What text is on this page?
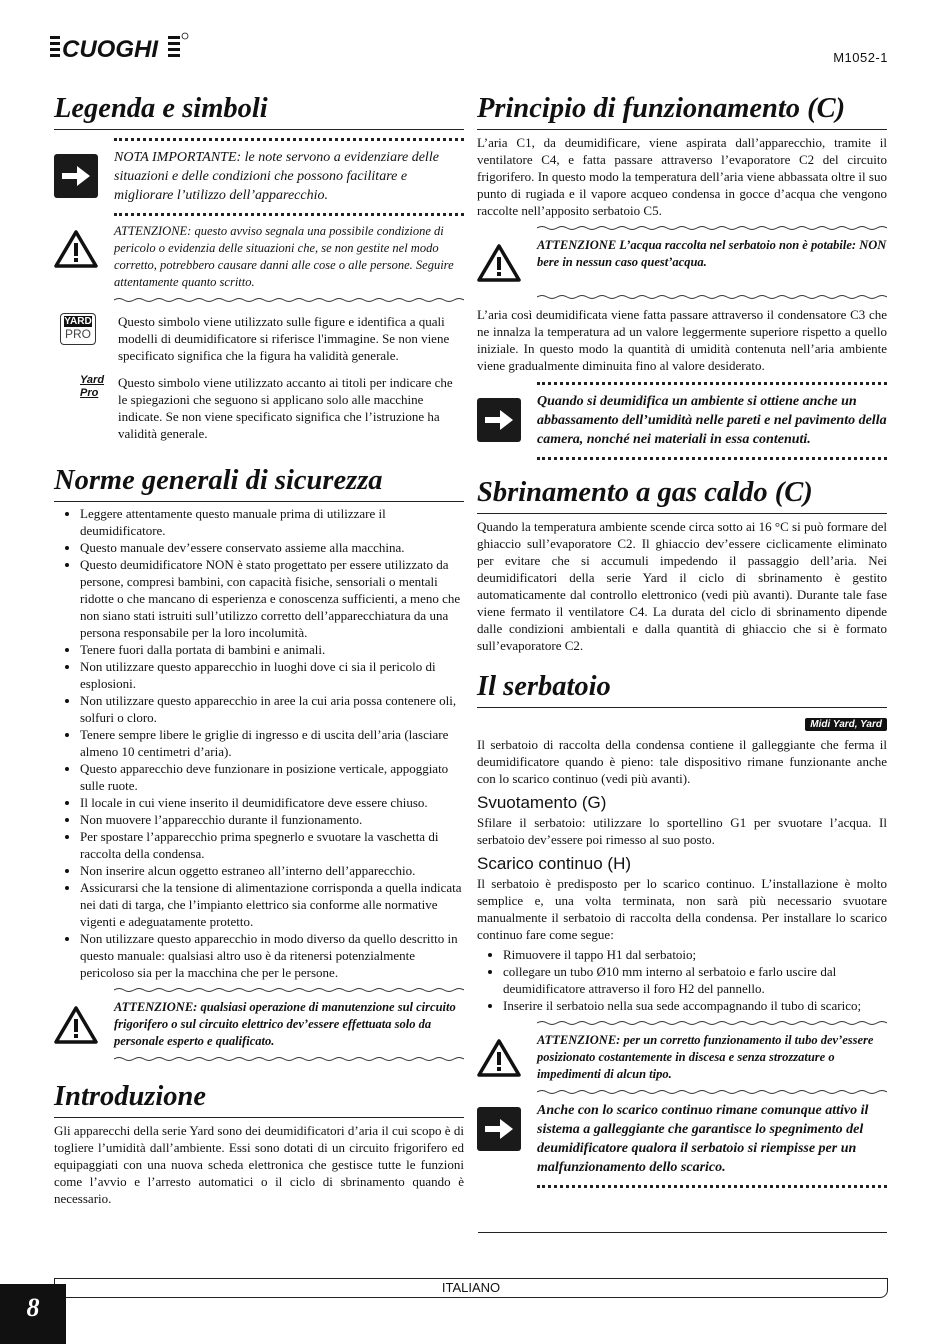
CUOGHI	M1052-1
Legenda e simboli
NOTA IMPORTANTE: le note servono a evidenziare delle situazioni e delle condizioni che possono facilitare e migliorare l’utilizzo dell’apparecchio.
ATTENZIONE: questo avviso segnala una possibile condizione di pericolo o evidenzia delle situazioni che, se non gestite nel modo corretto, potrebbero causare danni alle cose o alle persone. Seguire attentamente quanto scritto.
YARD
PRO
Questo simbolo viene utilizzato sulle figure e identifica a quali modelli di deumidificatore si riferisce l'immagine. Se non viene specificato significa che la figura ha validità generale.
Yard
Pro
Questo simbolo viene utilizzato accanto ai titoli per indicare che le spiegazioni che seguono si applicano solo alle macchine indicate. Se non viene specificato significa che l’istruzione ha validità generale.
Norme generali di sicurezza
• Leggere attentamente questo manuale prima di utilizzare il deumidificatore.
• Questo manuale dev’essere conservato assieme alla macchina.
• Questo deumidificatore NON è stato progettato per essere utilizzato da persone, compresi bambini, con capacità fisiche, sensoriali o mentali ridotte o che mancano di esperienza e conoscenza sufficienti, a meno che non siano stati istruiti sull’utilizzo corretto dell’apparecchiatura da una persona responsabile per la loro incolumità.
• Tenere fuori dalla portata di bambini e animali.
• Non utilizzare questo apparecchio in luoghi dove ci sia il pericolo di esplosioni.
• Non utilizzare questo apparecchio in aree la cui aria possa contenere oli, solfuri o cloro.
• Tenere sempre libere le griglie di ingresso e di uscita dell’aria (lasciare almeno 10 centimetri d’aria).
• Questo apparecchio deve funzionare in posizione verticale, appoggiato sulle ruote.
• Il locale in cui viene inserito il deumidificatore deve essere chiuso.
• Non muovere l’apparecchio durante il funzionamento.
• Per spostare l’apparecchio prima spegnerlo e svuotare la vaschetta di raccolta della condensa.
• Non inserire alcun oggetto estraneo all’interno dell’apparecchio.
• Assicurarsi che la tensione di alimentazione corrisponda a quella indicata nei dati di targa, che l’impianto elettrico sia conforme alle normative vigenti e adeguatamente protetto.
• Non utilizzare questo apparecchio in modo diverso da quello descritto in questo manuale: qualsiasi altro uso è da ritenersi potenzialmente pericoloso sia per la macchina che per le persone.
ATTENZIONE: qualsiasi operazione di manutenzione sul circuito frigorifero o sul circuito elettrico dev’essere effettuata solo da personale esperto e qualificato.
Introduzione

Gli apparecchi della serie Yard sono dei deumidificatori d’aria il cui scopo è di togliere l’umidità dall’ambiente. Essi sono dotati di un circuito frigorifero ed equipaggiati con una nuova scheda elettronica che gestisce tutte le funzioni come l’avvio e l’arresto automatici o il ciclo di sbrinamento quando è necessario.

Principio di funzionamento (C)

L’aria C1, da deumidificare, viene aspirata dall’apparecchio, tramite il ventilatore C4, e fatta passare attraverso l’evaporatore C2 del circuito frigorifero. In questo modo la temperatura dell’aria viene abbassata oltre il suo punto di rugiada e il vapore acqueo condensa in gocce d’acqua che vengono raccolte nell’apposito serbatoio C5.

ATTENZIONE L’acqua raccolta nel serbatoio non è potabile: NON bere in nessun caso quest’acqua.

L’aria così deumidificata viene fatta passare attraverso il condensatore C3 che ne innalza la temperatura ad un valore leggermente superiore rispetto a quello iniziale. In questo modo la quantità di umidità contenuta nell’aria ambiente viene gradualmente diminuita fino al valore desiderato.

Quando si deumidifica un ambiente si ottiene anche un abbassamento dell’umidità nelle pareti e nel pavimento della camera, nonché nei materiali in essa contenuti.
Sbrinamento a gas caldo (C)

Quando la temperatura ambiente scende circa sotto ai 16 °C si può formare del ghiaccio sull’evaporatore C2. Il ghiaccio dev’essere ciclicamente eliminato per evitare che si accumuli impedendo il passaggio dell’aria. Nei deumidificatori della serie Yard il ciclo di sbrinamento è gestito automaticamente dal controllo elettronico (vedi più avanti). Durante tale fase viene fermato il ventilatore C4. La durata del ciclo di sbrinamento dipende dalle condizioni ambientali e dalla quantità di ghiaccio che si è formato sull’evaporatore C2.

Il serbatoio
Midi Yard, Yard

Il serbatoio di raccolta della condensa contiene il galleggiante che ferma il deumidificatore quando è pieno: tale dispositivo rimane funzionante anche con lo scarico continuo (vedi più avanti).

Svuotamento (G)

Sfilare il serbatoio: utilizzare lo sportellino G1 per svuotare l’acqua. Il serbatoio dev’essere poi rimesso al suo posto.

Scarico continuo (H)

Il serbatoio è predisposto per lo scarico continuo. L’installazione è molto semplice e, una volta terminata, non sarà più necessario svuotare manualmente il serbatoio di raccolta della condensa. Per installare lo scarico continuo fare come segue:

• Rimuovere il tappo H1 dal serbatoio;
• collegare un tubo Ø10 mm interno al serbatoio e farlo uscire dal deumidificatore attraverso il foro H2 del pannello.
• Inserire il serbatoio nella sua sede accompagnando il tubo di scarico;
ATTENZIONE: per un corretto funzionamento il tubo dev’essere posizionato costantemente in discesa e senza strozzature o impedimenti di alcun tipo.
Anche con lo scarico continuo rimane comunque attivo il sistema a galleggiante che garantisce lo spegnimento del deumidificatore qualora il serbatoio si riempisse per un malfunzionamento dello scarico.
ITALIANO
8
